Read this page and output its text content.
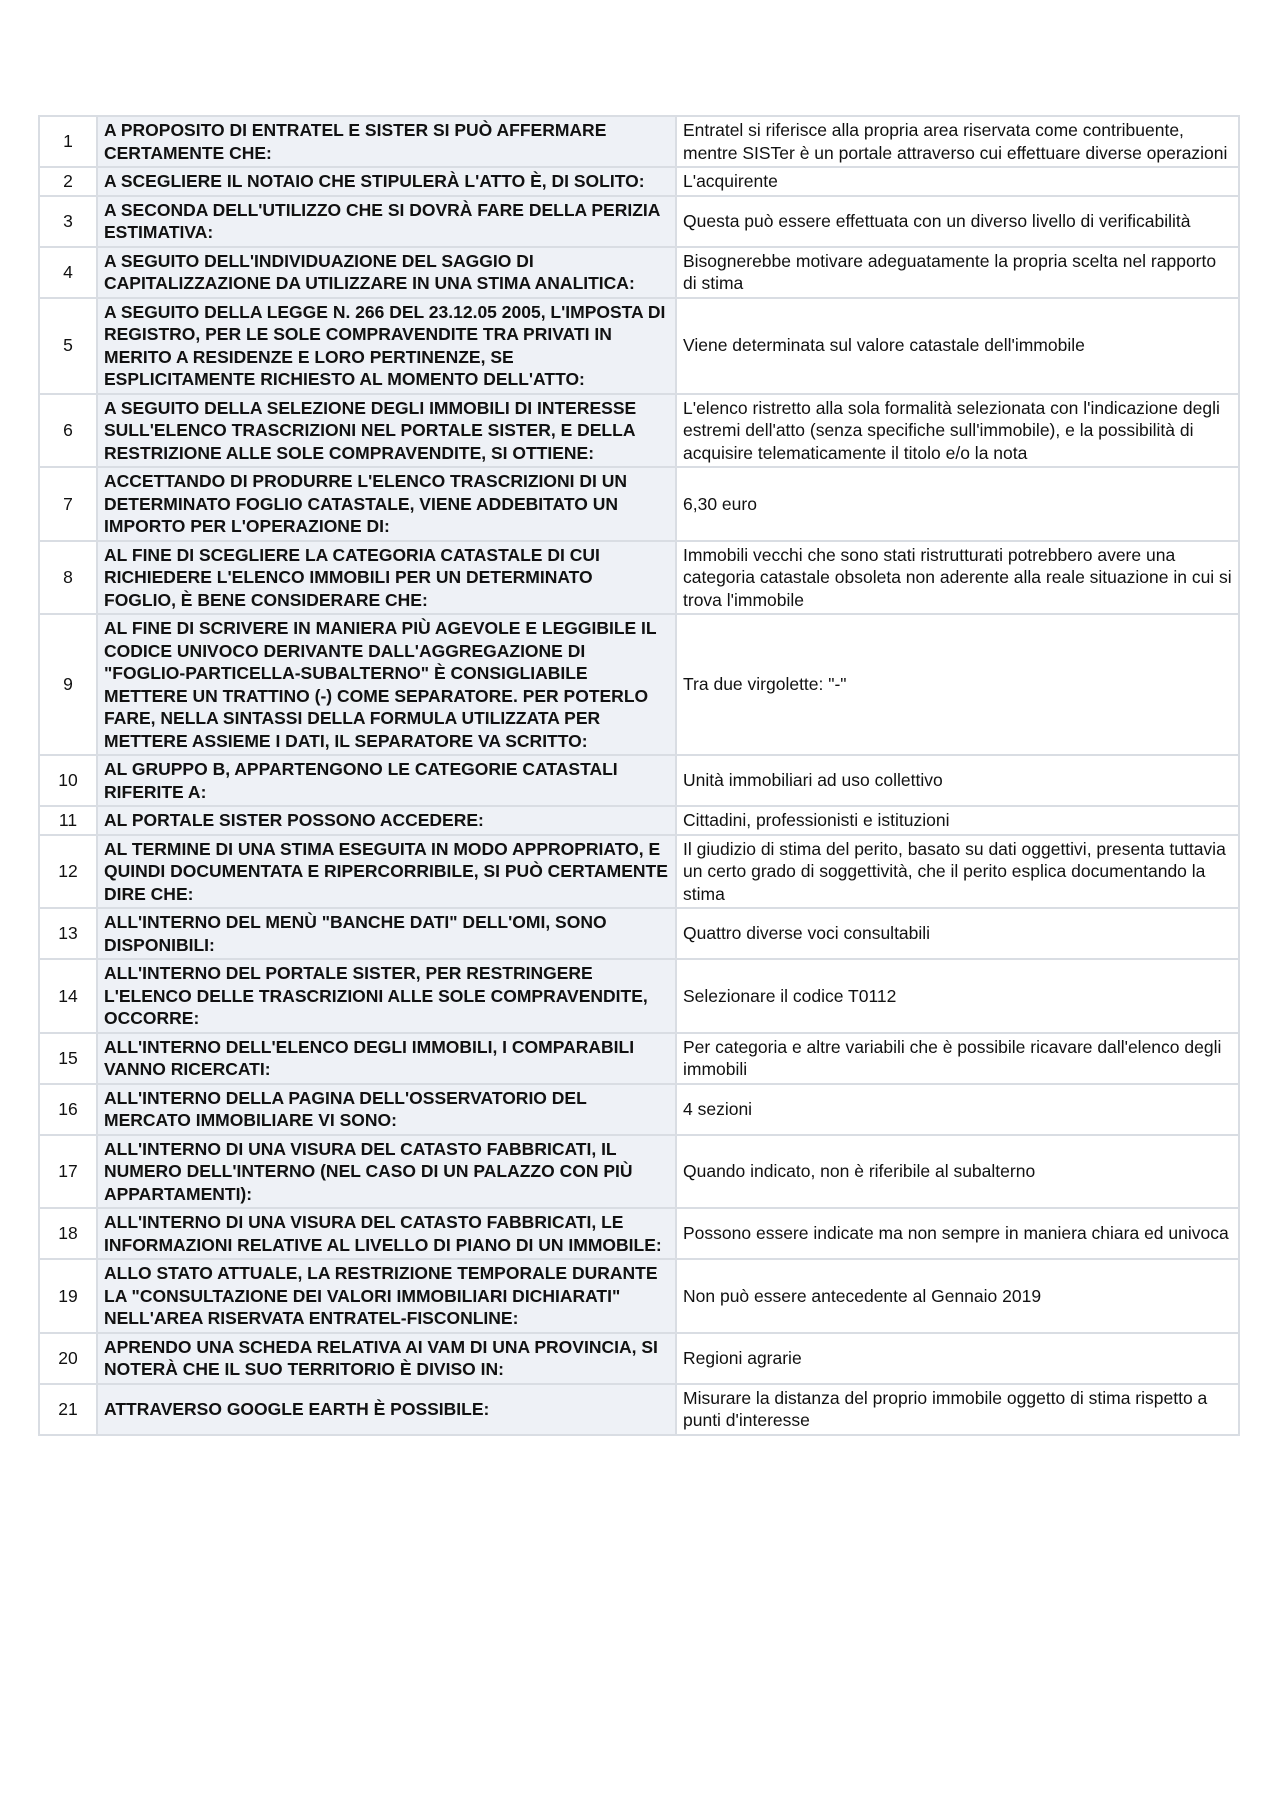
1	A PROPOSITO DI ENTRATEL E SISTER SI PUÒ AFFERMARE CERTAMENTE CHE:	Entratel si riferisce alla propria area riservata come contribuente, mentre SISTer è un portale attraverso cui effettuare diverse operazioni
2	A SCEGLIERE IL NOTAIO CHE STIPULERÀ L'ATTO È, DI SOLITO:	L'acquirente
3	A SECONDA DELL'UTILIZZO CHE SI DOVRÀ FARE DELLA PERIZIA ESTIMATIVA:	Questa può essere effettuata con un diverso livello di verificabilità
4	A SEGUITO DELL'INDIVIDUAZIONE DEL SAGGIO DI CAPITALIZZAZIONE DA UTILIZZARE IN UNA STIMA ANALITICA:	Bisognerebbe motivare adeguatamente la propria scelta nel rapporto di stima
5	A SEGUITO DELLA LEGGE N. 266 DEL 23.12.05 2005, L'IMPOSTA DI REGISTRO, PER LE SOLE COMPRAVENDITE TRA PRIVATI IN MERITO A RESIDENZE E LORO PERTINENZE, SE ESPLICITAMENTE RICHIESTO AL MOMENTO DELL'ATTO:	Viene determinata sul valore catastale dell'immobile
6	A SEGUITO DELLA SELEZIONE DEGLI IMMOBILI DI INTERESSE SULL'ELENCO TRASCRIZIONI NEL PORTALE SISTER, E DELLA RESTRIZIONE ALLE SOLE COMPRAVENDITE, SI OTTIENE:	L'elenco ristretto alla sola formalità selezionata con l'indicazione degli estremi dell'atto (senza specifiche sull'immobile), e la possibilità di acquisire telematicamente il titolo e/o la nota
7	ACCETTANDO DI PRODURRE L'ELENCO TRASCRIZIONI DI UN DETERMINATO FOGLIO CATASTALE, VIENE ADDEBITATO UN IMPORTO PER L'OPERAZIONE DI:	6,30 euro
8	AL FINE DI SCEGLIERE LA CATEGORIA CATASTALE DI CUI RICHIEDERE L'ELENCO IMMOBILI PER UN DETERMINATO FOGLIO, È BENE CONSIDERARE CHE:	Immobili vecchi che sono stati ristrutturati potrebbero avere una categoria catastale obsoleta non aderente alla reale situazione in cui si trova l'immobile
9	AL FINE DI SCRIVERE IN MANIERA PIÙ AGEVOLE E LEGGIBILE IL CODICE UNIVOCO DERIVANTE DALL'AGGREGAZIONE DI "FOGLIO-PARTICELLA-SUBALTERNO" È CONSIGLIABILE METTERE UN TRATTINO (-) COME SEPARATORE. PER POTERLO FARE, NELLA SINTASSI DELLA FORMULA UTILIZZATA PER METTERE ASSIEME I DATI, IL SEPARATORE VA SCRITTO:	Tra due virgolette: "-"
10	AL GRUPPO B, APPARTENGONO LE CATEGORIE CATASTALI RIFERITE A:	Unità immobiliari ad uso collettivo
11	AL PORTALE SISTER POSSONO ACCEDERE:	Cittadini, professionisti e istituzioni
12	AL TERMINE DI UNA STIMA ESEGUITA IN MODO APPROPRIATO, E QUINDI DOCUMENTATA E RIPERCORRIBILE, SI PUÒ CERTAMENTE DIRE CHE:	Il giudizio di stima del perito, basato su dati oggettivi, presenta tuttavia un certo grado di soggettività, che il perito esplica documentando la stima
13	ALL'INTERNO DEL MENÙ "BANCHE DATI" DELL'OMI, SONO DISPONIBILI:	Quattro diverse voci consultabili
14	ALL'INTERNO DEL PORTALE SISTER, PER RESTRINGERE L'ELENCO DELLE TRASCRIZIONI ALLE SOLE COMPRAVENDITE, OCCORRE:	Selezionare il codice T0112
15	ALL'INTERNO DELL'ELENCO DEGLI IMMOBILI, I COMPARABILI VANNO RICERCATI:	Per categoria e altre variabili che è possibile ricavare dall'elenco degli immobili
16	ALL'INTERNO DELLA PAGINA DELL'OSSERVATORIO DEL MERCATO IMMOBILIARE VI SONO:	4 sezioni
17	ALL'INTERNO DI UNA VISURA DEL CATASTO FABBRICATI, IL NUMERO DELL'INTERNO (NEL CASO DI UN PALAZZO CON PIÙ APPARTAMENTI):	Quando indicato, non è riferibile al subalterno
18	ALL'INTERNO DI UNA VISURA DEL CATASTO FABBRICATI, LE INFORMAZIONI RELATIVE AL LIVELLO DI PIANO DI UN IMMOBILE:	Possono essere indicate ma non sempre in maniera chiara ed univoca
19	ALLO STATO ATTUALE, LA RESTRIZIONE TEMPORALE DURANTE LA "CONSULTAZIONE DEI VALORI IMMOBILIARI DICHIARATI" NELL'AREA RISERVATA ENTRATEL-FISCONLINE:	Non può essere antecedente al Gennaio 2019
20	APRENDO UNA SCHEDA RELATIVA AI VAM DI UNA PROVINCIA, SI NOTERÀ CHE IL SUO TERRITORIO È DIVISO IN:	Regioni agrarie
21	ATTRAVERSO GOOGLE EARTH È POSSIBILE:	Misurare la distanza del proprio immobile oggetto di stima rispetto a punti d'interesse
